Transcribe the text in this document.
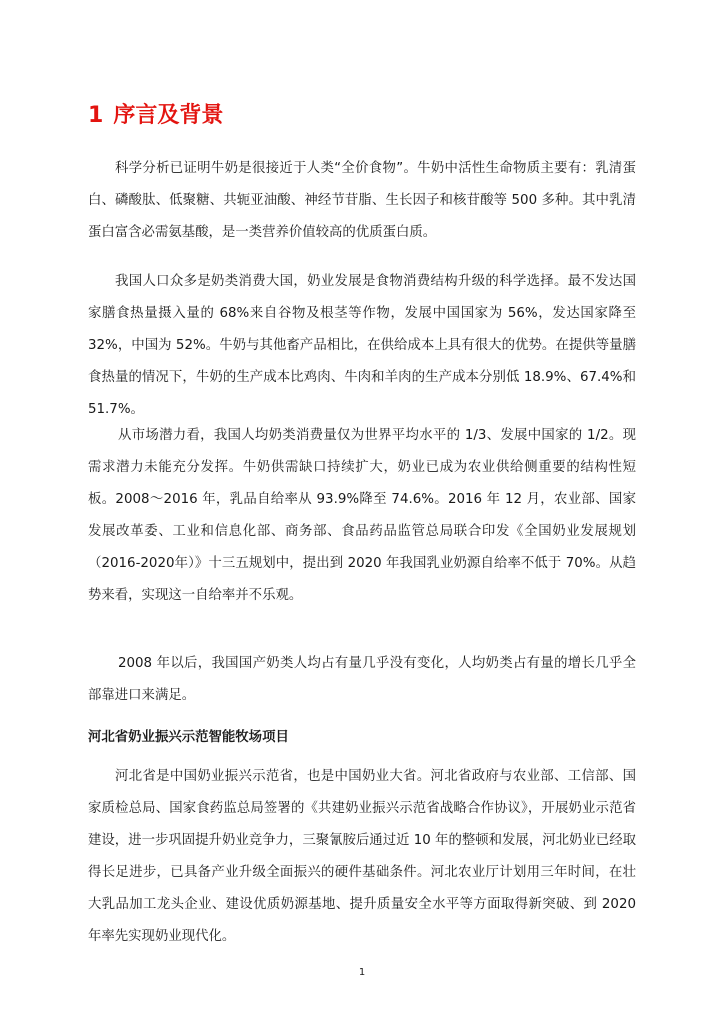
1 序言及背景

科学分析已证明牛奶是很接近于人类“全价食物”。牛奶中活性生命物质主要有：乳清蛋白、磷酸肽、低聚糖、共轭亚油酸、神经节苷脂、生长因子和核苷酸等 500 多种。其中乳清蛋白富含必需氨基酸，是一类营养价值较高的优质蛋白质。

我国人口众多是奶类消费大国，奶业发展是食物消费结构升级的科学选择。最不发达国家膳食热量摄入量的 68%来自谷物及根茎等作物，发展中国国家为 56%，发达国家降至 32%，中国为 52%。牛奶与其他畜产品相比，在供给成本上具有很大的优势。在提供等量膳食热量的情况下，牛奶的生产成本比鸡肉、牛肉和羊肉的生产成本分别低 18.9%、67.4%和 51.7%。

从市场潜力看，我国人均奶类消费量仅为世界平均水平的 1/3、发展中国家的 1/2。现需求潜力未能充分发挥。牛奶供需缺口持续扩大，奶业已成为农业供给侧重要的结构性短板。2008～2016 年，乳品自给率从 93.9%降至 74.6%。2016 年 12 月，农业部、国家发展改革委、工业和信息化部、商务部、食品药品监管总局联合印发《全国奶业发展规划（2016-2020年）》十三五规划中，提出到 2020 年我国乳业奶源自给率不低于 70%。从趋势来看，实现这一自给率并不乐观。

2008 年以后，我国国产奶类人均占有量几乎没有变化，人均奶类占有量的增长几乎全部靠进口来满足。

河北省奶业振兴示范智能牧场项目

河北省是中国奶业振兴示范省，也是中国奶业大省。河北省政府与农业部、工信部、国家质检总局、国家食药监总局签署的《共建奶业振兴示范省战略合作协议》，开展奶业示范省建设，进一步巩固提升奶业竞争力，三聚氰胺后通过近 10 年的整顿和发展，河北奶业已经取得长足进步，已具备产业升级全面振兴的硬件基础条件。河北农业厅计划用三年时间，在壮大乳品加工龙头企业、建设优质奶源基地、提升质量安全水平等方面取得新突破、到 2020 年率先实现奶业现代化。

1
